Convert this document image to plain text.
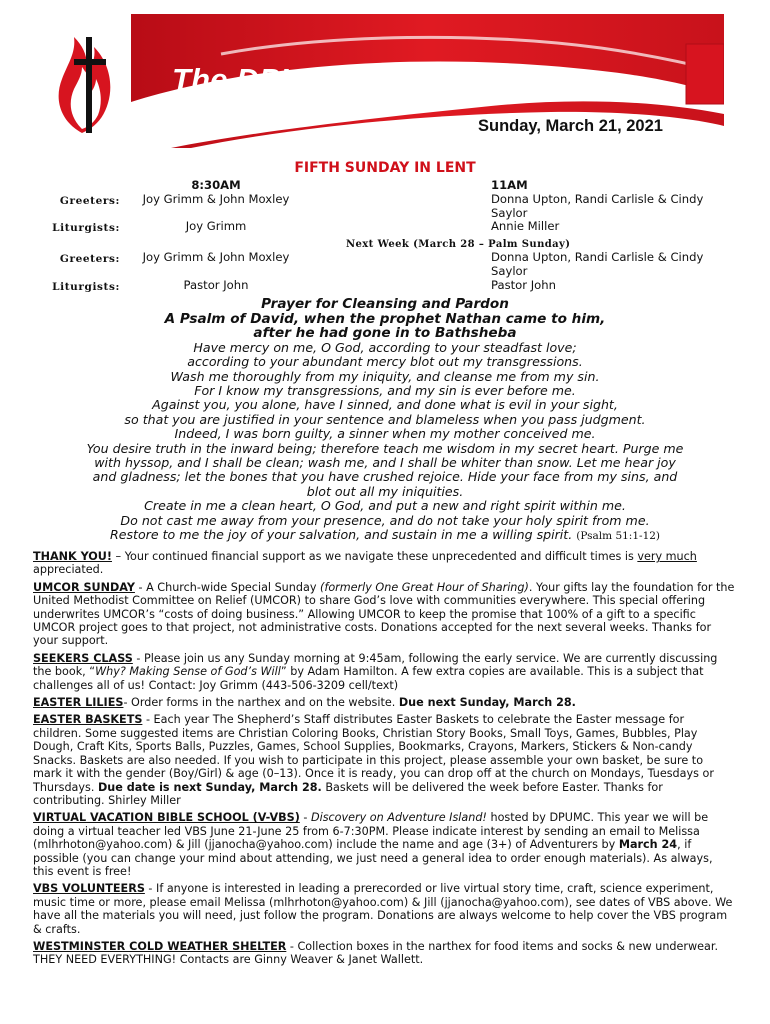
The DPUMC Spirit
Sunday, March 21, 2021
FIFTH SUNDAY IN LENT
8:30AM	11AM
Greeters:	Joy Grimm & John Moxley	Donna Upton, Randi Carlisle & Cindy
Saylor
Liturgists:	Joy Grimm	Annie Miller
Next Week (March 28 – Palm Sunday)
Greeters:	Joy Grimm & John Moxley	Donna Upton, Randi Carlisle & Cindy
Saylor
Liturgists:	Pastor John	Pastor John

Prayer for Cleansing and Pardon

A Psalm of David, when the prophet Nathan came to him,

after he had gone in to Bathsheba

Have mercy on me, O God, according to your steadfast love;

according to your abundant mercy blot out my transgressions.

Wash me thoroughly from my iniquity, and cleanse me from my sin.

For I know my transgressions, and my sin is ever before me.

Against you, you alone, have I sinned, and done what is evil in your sight,

so that you are justified in your sentence and blameless when you pass judgment.

Indeed, I was born guilty, a sinner when my mother conceived me.

You desire truth in the inward being; therefore teach me wisdom in my secret heart. Purge me

with hyssop, and I shall be clean; wash me, and I shall be whiter than snow. Let me hear joy

and gladness; let the bones that you have crushed rejoice. Hide your face from my sins, and

blot out all my iniquities.

Create in me a clean heart, O God, and put a new and right spirit within me.

Do not cast me away from your presence, and do not take your holy spirit from me.

Restore to me the joy of your salvation, and sustain in me a willing spirit. (Psalm 51:1-12)

THANK YOU! – Your continued financial support as we navigate these unprecedented and difficult times is very much appreciated.

UMCOR SUNDAY - A Church-wide Special Sunday (formerly One Great Hour of Sharing). Your gifts lay the foundation for the United Methodist Committee on Relief (UMCOR) to share God’s love with communities everywhere. This special offering underwrites UMCOR’s “costs of doing business.” Allowing UMCOR to keep the promise that 100% of a gift to a specific UMCOR project goes to that project, not administrative costs. Donations accepted for the next several weeks. Thanks for your support.

SEEKERS CLASS - Please join us any Sunday morning at 9:45am, following the early service. We are currently discussing the book, “Why? Making Sense of God’s Will” by Adam Hamilton. A few extra copies are available. This is a subject that challenges all of us! Contact: Joy Grimm (443-506-3209 cell/text)

EASTER LILIES- Order forms in the narthex and on the website. Due next Sunday, March 28.

EASTER BASKETS - Each year The Shepherd’s Staff distributes Easter Baskets to celebrate the Easter message for children. Some suggested items are Christian Coloring Books, Christian Story Books, Small Toys, Games, Bubbles, Play Dough, Craft Kits, Sports Balls, Puzzles, Games, School Supplies, Bookmarks, Crayons, Markers, Stickers & Non-candy Snacks. Baskets are also needed. If you wish to participate in this project, please assemble your own basket, be sure to mark it with the gender (Boy/Girl) & age (0–13). Once it is ready, you can drop off at the church on Mondays, Tuesdays or Thursdays. Due date is next Sunday, March 28. Baskets will be delivered the week before Easter. Thanks for contributing. Shirley Miller

VIRTUAL VACATION BIBLE SCHOOL (V-VBS) - Discovery on Adventure Island! hosted by DPUMC. This year we will be doing a virtual teacher led VBS June 21-June 25 from 6-7:30PM. Please indicate interest by sending an email to Melissa (mlhrhoton@yahoo.com) & Jill (jjanocha@yahoo.com) include the name and age (3+) of Adventurers by March 24, if possible (you can change your mind about attending, we just need a general idea to order enough materials). As always, this event is free!

VBS VOLUNTEERS - If anyone is interested in leading a prerecorded or live virtual story time, craft, science experiment, music time or more, please email Melissa (mlhrhoton@yahoo.com) & Jill (jjanocha@yahoo.com), see dates of VBS above. We have all the materials you will need, just follow the program. Donations are always welcome to help cover the VBS program & crafts.

WESTMINSTER COLD WEATHER SHELTER - Collection boxes in the narthex for food items and socks & new underwear. THEY NEED EVERYTHING! Contacts are Ginny Weaver & Janet Wallett.
